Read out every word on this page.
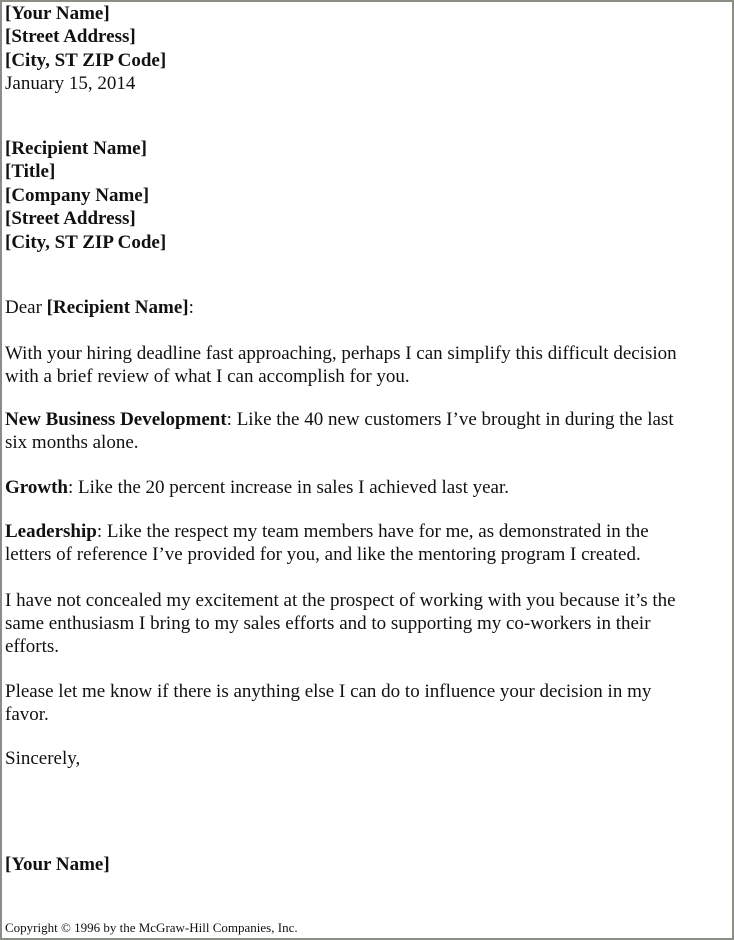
[Your Name]
[Street Address]
[City, ST ZIP Code]
January 15, 2014
[Recipient Name]
[Title]
[Company Name]
[Street Address]
[City, ST ZIP Code]
Dear [Recipient Name]:
With your hiring deadline fast approaching, perhaps I can simplify this difficult decision
with a brief review of what I can accomplish for you.
New Business Development: Like the 40 new customers I’ve brought in during the last
six months alone.
Growth: Like the 20 percent increase in sales I achieved last year.
Leadership: Like the respect my team members have for me, as demonstrated in the
letters of reference I’ve provided for you, and like the mentoring program I created.
I have not concealed my excitement at the prospect of working with you because it’s the
same enthusiasm I bring to my sales efforts and to supporting my co-workers in their
efforts.
Please let me know if there is anything else I can do to influence your decision in my
favor.
Sincerely,
[Your Name]
Copyright © 1996 by the McGraw-Hill Companies, Inc.
